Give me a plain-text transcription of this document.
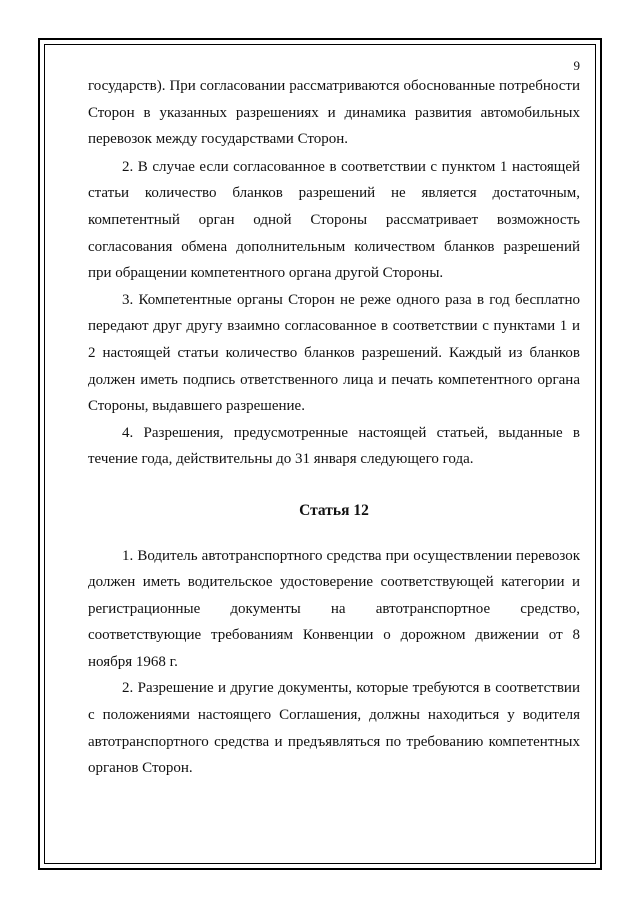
9

государств). При согласовании рассматриваются обоснованные потребности Сторон в указанных разрешениях и динамика развития автомобильных перевозок между государствами Сторон.

2. В случае если согласованное в соответствии с пунктом 1 настоящей статьи количество бланков разрешений не является достаточным, компетентный орган одной Стороны рассматривает возможность согласования обмена дополнительным количеством бланков разрешений при обращении компетентного органа другой Стороны.

3. Компетентные органы Сторон не реже одного раза в год бесплатно передают друг другу взаимно согласованное в соответствии с пунктами 1 и 2 настоящей статьи количество бланков разрешений. Каждый из бланков должен иметь подпись ответственного лица и печать компетентного органа Стороны, выдавшего разрешение.

4. Разрешения, предусмотренные настоящей статьей, выданные в течение года, действительны до 31 января следующего года.

Статья 12

1. Водитель автотранспортного средства при осуществлении перевозок должен иметь водительское удостоверение соответствующей категории и регистрационные документы на автотранспортное средство, соответствующие требованиям Конвенции о дорожном движении от 8 ноября 1968 г.

2. Разрешение и другие документы, которые требуются в соответствии с положениями настоящего Соглашения, должны находиться у водителя автотранспортного средства и предъявляться по требованию компетентных органов Сторон.
